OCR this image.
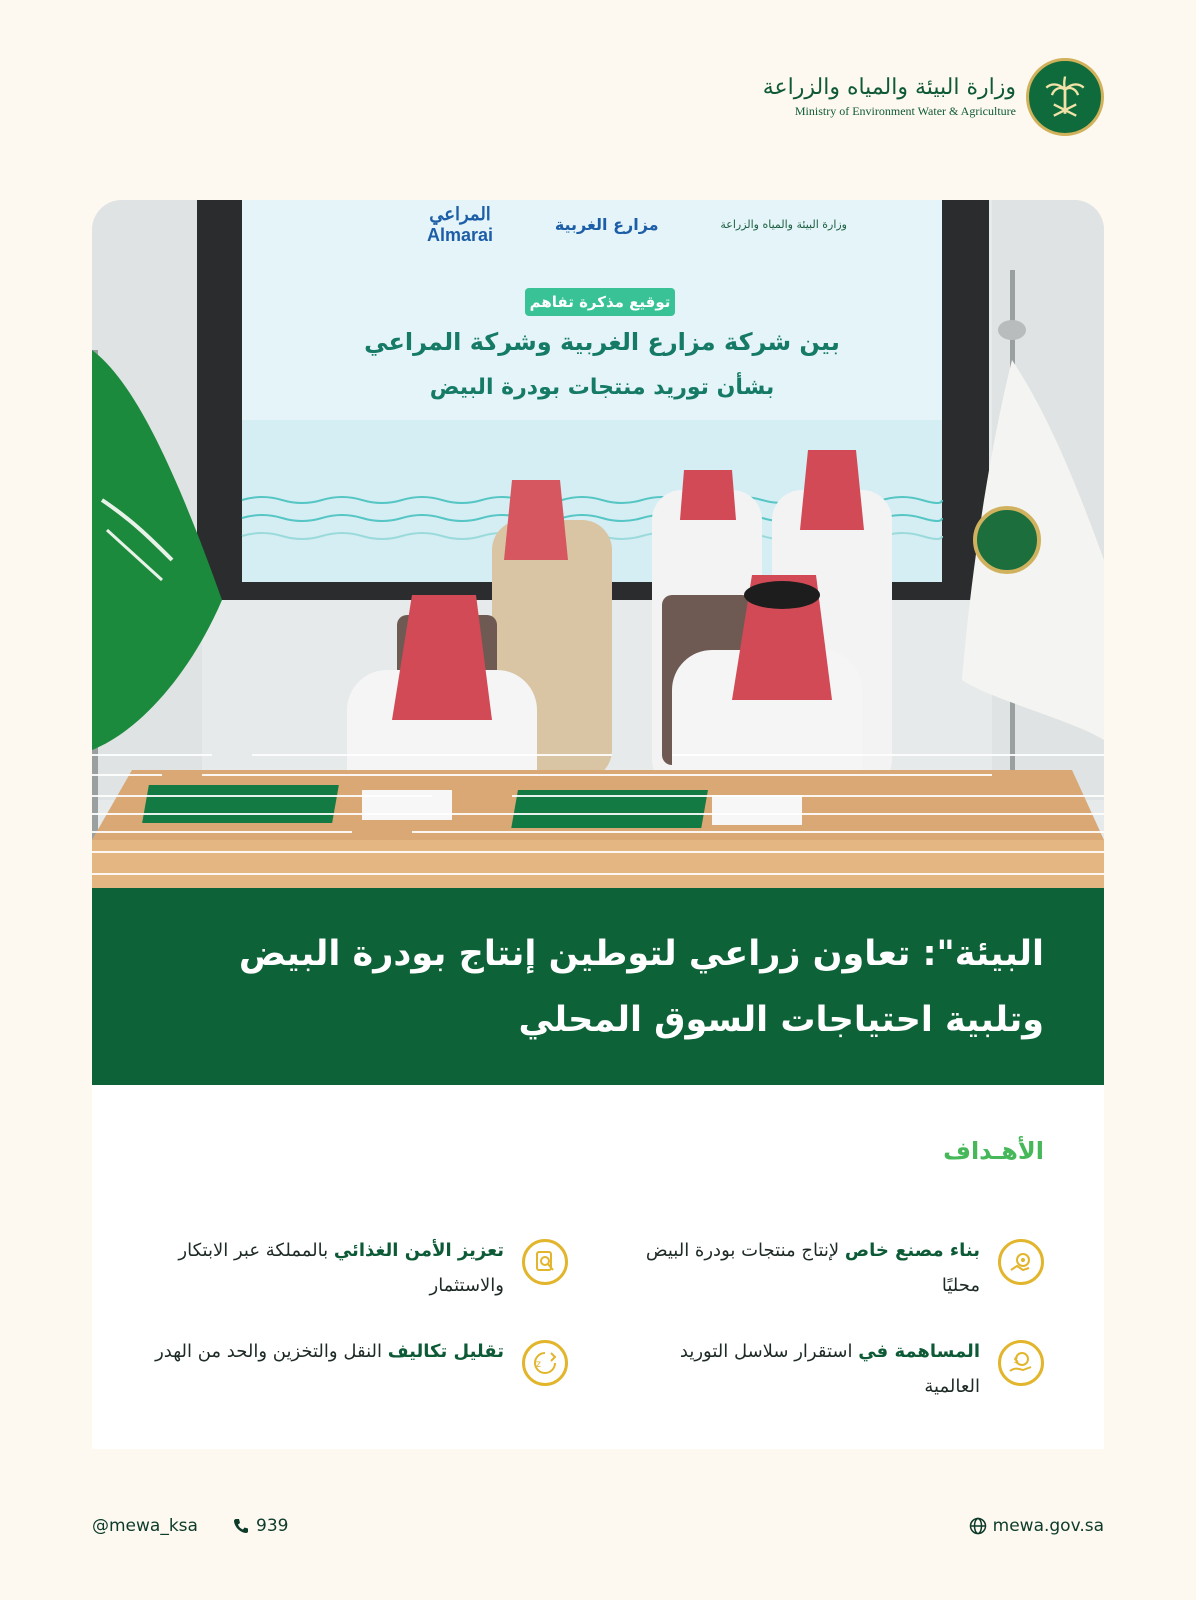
وزارة البيئة والمياه والزراعة
Ministry of Environment Water & Agriculture
المراعي
Almarai
مزارع الغربية	وزارة البيئة والمياه والزراعة
توقيع مذكرة تفاهم
بين شركة مزارع الغربية وشركة المراعي
بشأن توريد منتجات بودرة البيض
البيئة": تعاون زراعي لتوطين إنتاج بودرة البيض وتلبية احتياجات السوق المحلي
الأهـداف
بناء مصنع خاص لإنتاج منتجات بودرة البيض محليًا
تعزيز الأمن الغذائي بالمملكة عبر الابتكار والاستثمار
$
المساهمة في استقرار سلاسل التوريد العالمية
z
تقليل تكاليف النقل والتخزين والحد من الهدر
mewa.gov.sa
@mewa_ksa	939
